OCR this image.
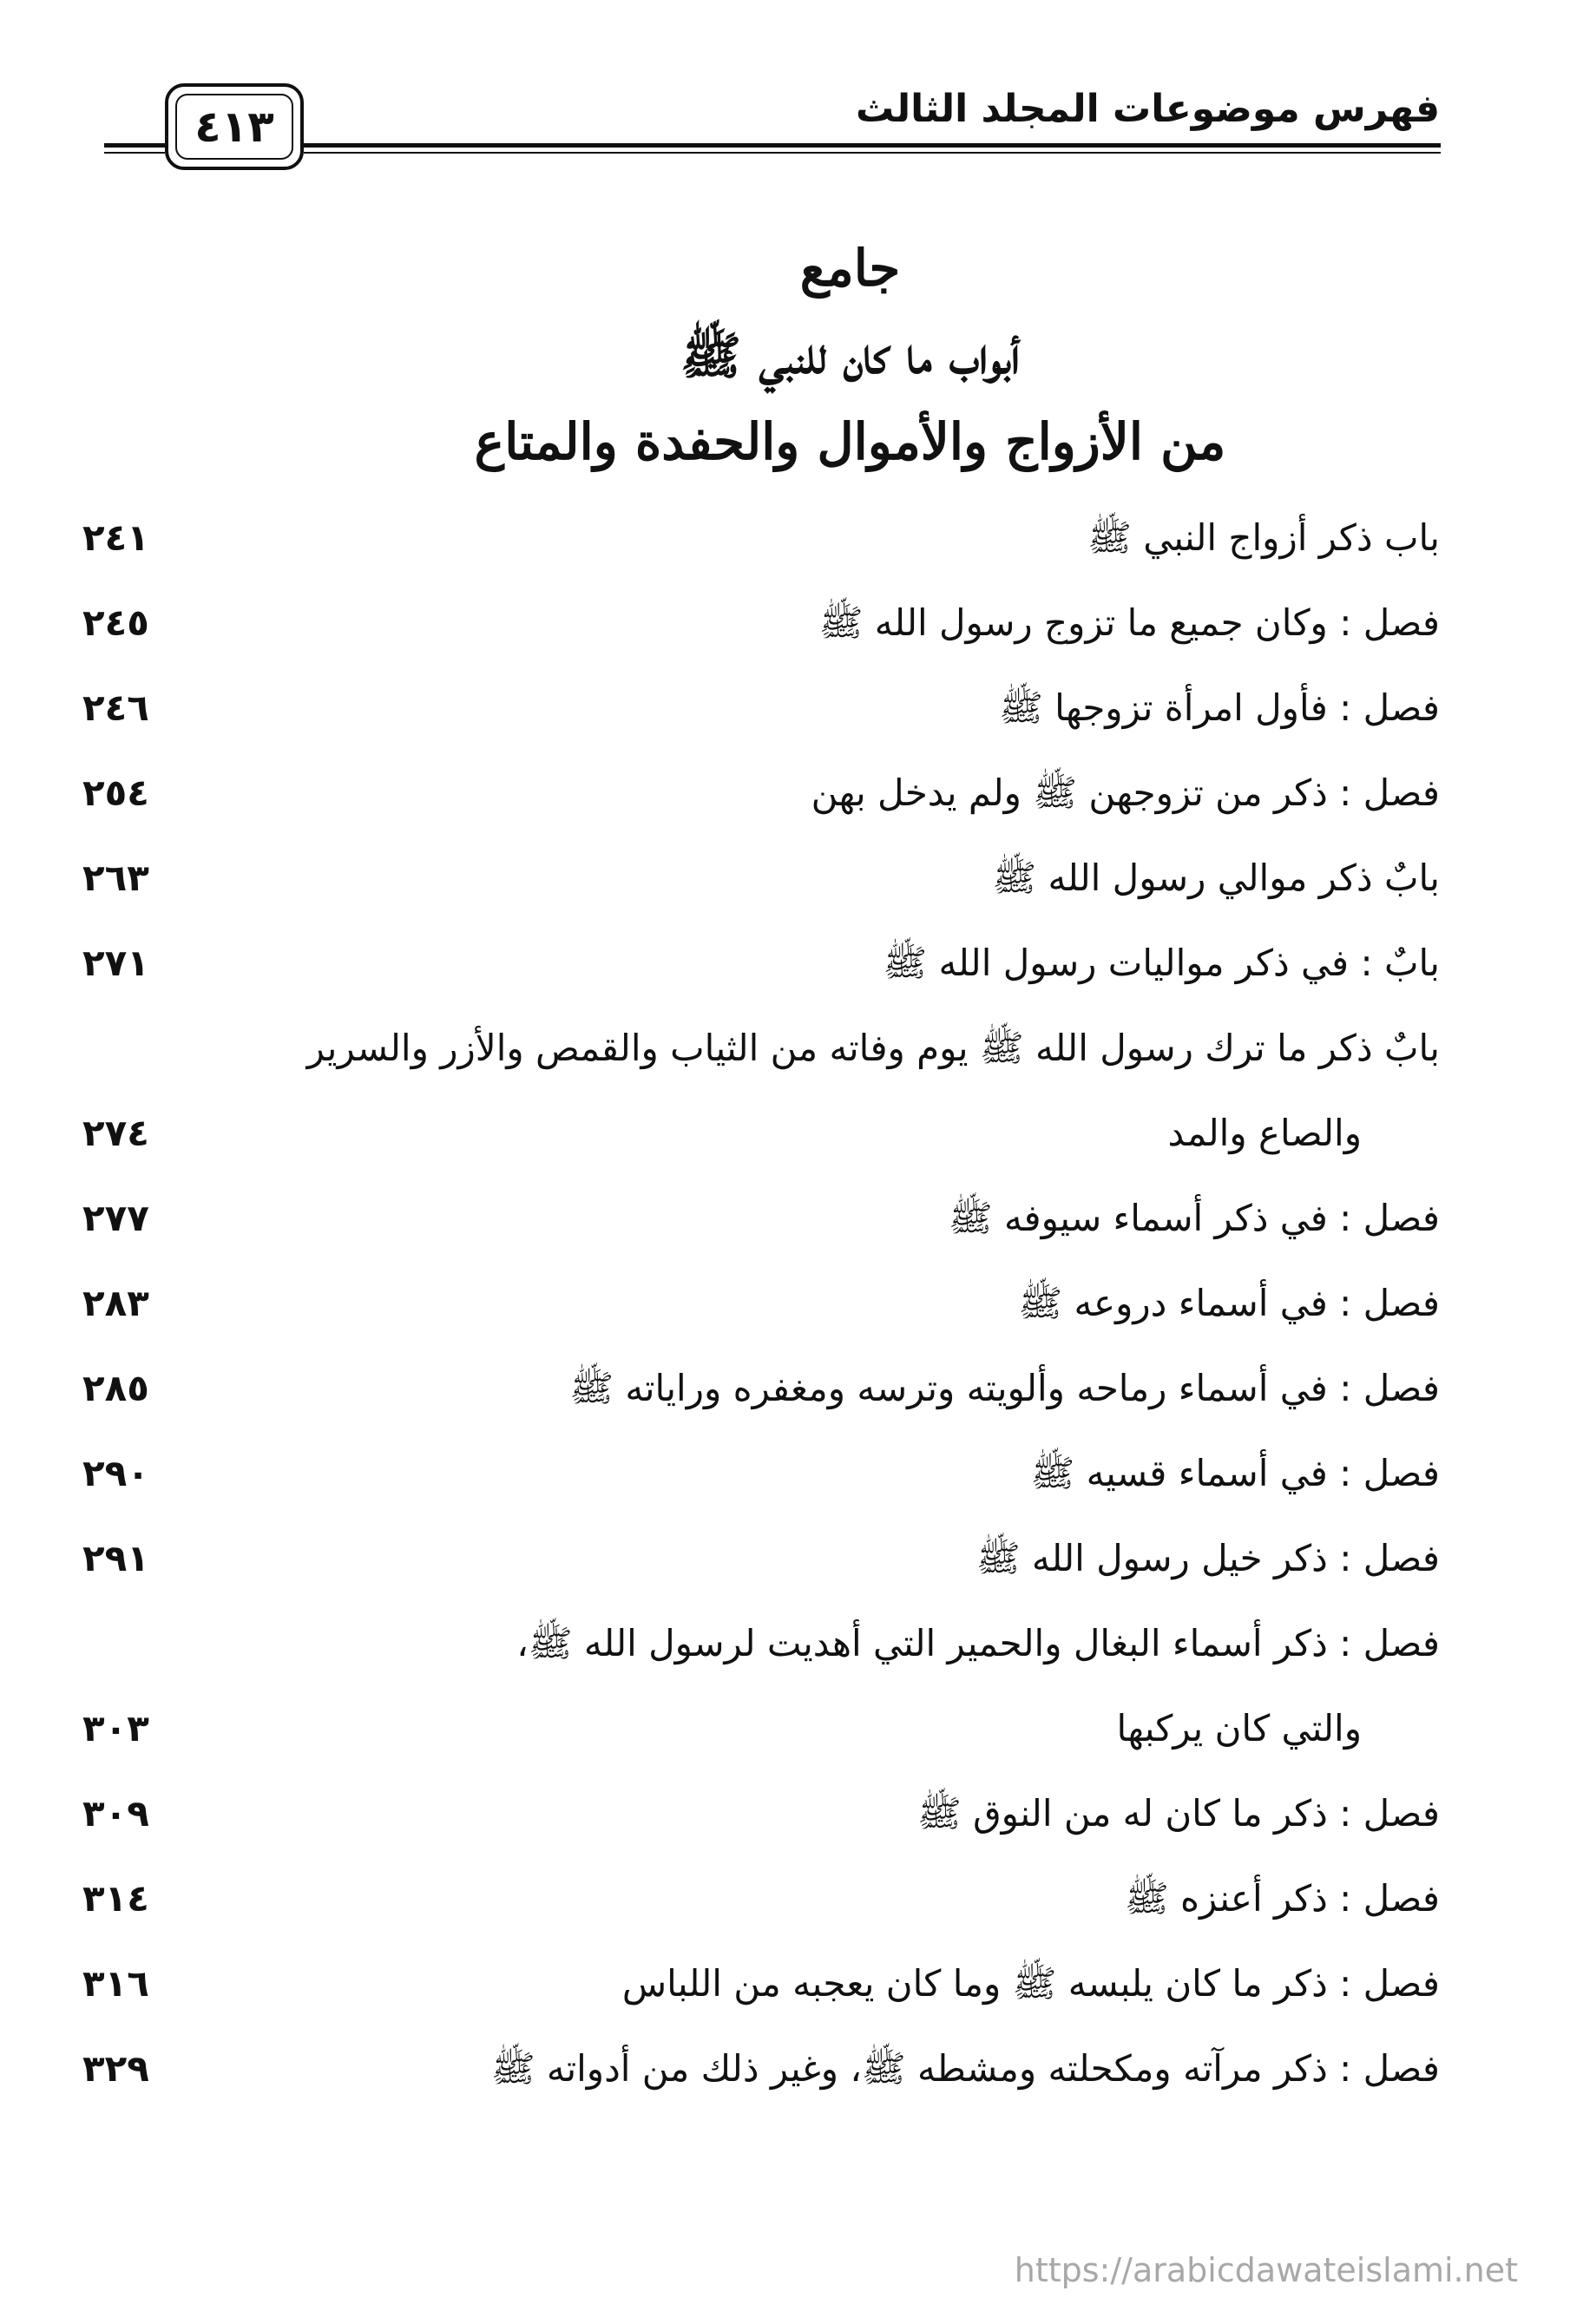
فهرس موضوعات المجلد الثالث
٤١٣
جامع
أبواب ما كان للنبي ﷺ
من الأزواج والأموال والحفدة والمتاع
باب ذكر أزواج النبي ﷺ
٢٤١
فصل : وكان جميع ما تزوج رسول الله ﷺ
٢٤٥
فصل : فأول امرأة تزوجها ﷺ
٢٤٦
فصل : ذكر من تزوجهن ﷺ ولم يدخل بهن
٢٥٤
بابٌ ذكر موالي رسول الله ﷺ
٢٦٣
بابٌ : في ذكر مواليات رسول الله ﷺ
٢٧١
بابٌ ذكر ما ترك رسول الله ﷺ يوم وفاته من الثياب والقمص والأزر والسرير
والصاع والمد
٢٧٤
فصل : في ذكر أسماء سيوفه ﷺ
٢٧٧
فصل : في أسماء دروعه ﷺ
٢٨٣
فصل : في أسماء رماحه وألويته وترسه ومغفره وراياته ﷺ
٢٨٥
فصل : في أسماء قسيه ﷺ
٢٩٠
فصل : ذكر خيل رسول الله ﷺ
٢٩١
فصل : ذكر أسماء البغال والحمير التي أهديت لرسول الله ﷺ،
والتي كان يركبها
٣٠٣
فصل : ذكر ما كان له من النوق ﷺ
٣٠٩
فصل : ذكر أعنزه ﷺ
٣١٤
فصل : ذكر ما كان يلبسه ﷺ وما كان يعجبه من اللباس
٣١٦
فصل : ذكر مرآته ومكحلته ومشطه ﷺ، وغير ذلك من أدواته ﷺ
٣٢٩
https://arabicdawateislami.net
